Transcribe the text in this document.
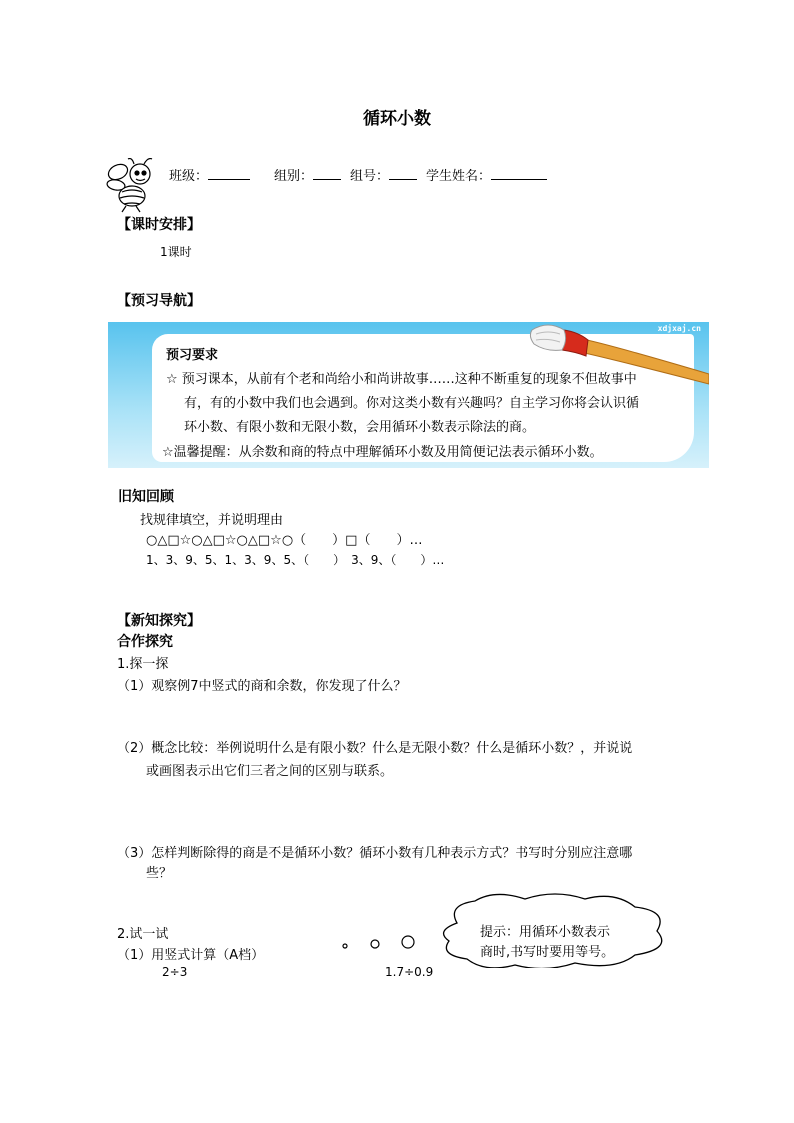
循环小数
班级：	组别：	组号：	学生姓名：
【课时安排】
1课时
【预习导航】
xdjxaj.cn
预习要求
☆ 预习课本，从前有个老和尚给小和尚讲故事……这种不断重复的现象不但故事中
有，有的小数中我们也会遇到。你对这类小数有兴趣吗？自主学习你将会认识循
环小数、有限小数和无限小数，会用循环小数表示除法的商。
☆温馨提醒：从余数和商的特点中理解循环小数及用简便记法表示循环小数。
旧知回顾
找规律填空，并说明理由
○△□☆○△□☆○△□☆○（　　）□（　　）…
1、3、9、5、1、3、9、5、（　　）　3、9、（　　）…
【新知探究】
合作探究
1.探一探
（1）观察例7中竖式的商和余数，你发现了什么？
（2）概念比较：举例说明什么是有限小数？什么是无限小数？什么是循环小数？，并说说
或画图表示出它们三者之间的区别与联系。
（3）怎样判断除得的商是不是循环小数？循环小数有几种表示方式？书写时分别应注意哪
些？
2.试一试
（1）用竖式计算（A档）
2÷3	1.7÷0.9
提示：用循环小数表示
商时,书写时要用等号。
